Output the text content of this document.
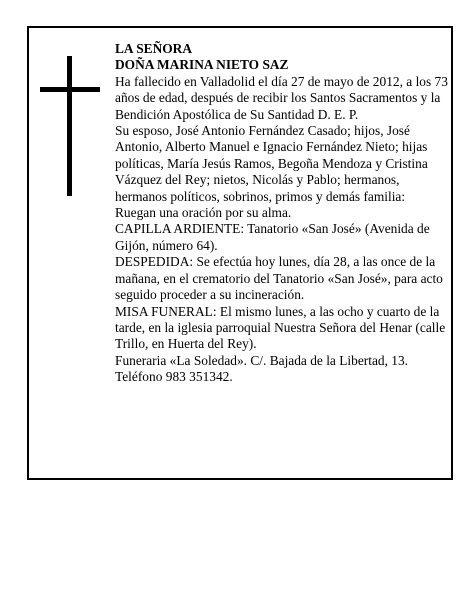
LA SEÑORA

DOÑA MARINA NIETO SAZ

Ha fallecido en Valladolid el día 27 de mayo de 2012, a los 73 años de edad, después de recibir los Santos Sacramentos y la Bendición Apostólica de Su Santidad D. E. P.

Su esposo, José Antonio Fernández Casado; hijos, José Antonio, Alberto Manuel e Ignacio Fernández Nieto; hijas políticas, María Jesús Ramos, Begoña Mendoza y Cristina Vázquez del Rey; nietos, Nicolás y Pablo; hermanos, hermanos políticos, sobrinos, primos y demás familia:

Ruegan una oración por su alma.

CAPILLA ARDIENTE: Tanatorio «San José» (Avenida de Gijón, número 64).

DESPEDIDA: Se efectúa hoy lunes, día 28, a las once de la mañana, en el crematorio del Tanatorio «San José», para acto seguido proceder a su incineración.

MISA FUNERAL: El mismo lunes, a las ocho y cuarto de la tarde, en la iglesia parroquial Nuestra Señora del Henar (calle Trillo, en Huerta del Rey).

Funeraria «La Soledad». C/. Bajada de la Libertad, 13. Teléfono 983 351342.
